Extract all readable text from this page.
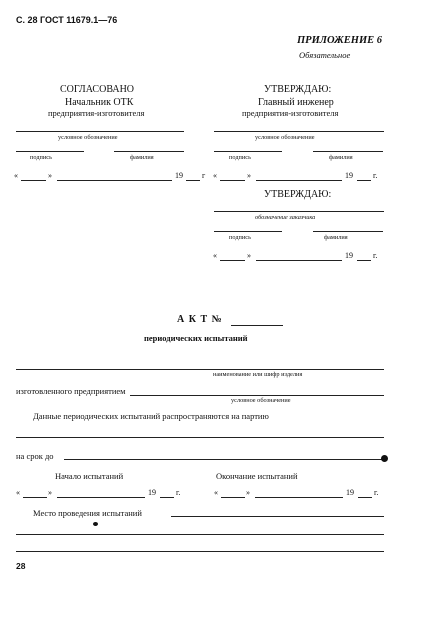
С. 28 ГОСТ 11679.1—76
ПРИЛОЖЕНИЕ 6
Обязательное
СОГЛАСОВАНО
Начальник ОТК
предприятия-изготовителя
условное обозначение
подпись	фамилия
«	»	19 г
УТВЕРЖДАЮ:
Главный инженер
предприятия-изготовителя
условное обозначение
подпись	фамилия
«	»	19	г.
УТВЕРЖДАЮ:
обозначение заказчика
подпись	фамилия
«	»	19	г.
А К Т №
периодических испытаний
наименование или шифр изделия
изготовленного предприятием
условное обозначение
Данные периодических испытаний распространяются на партию
на срок до
Начало испытаний	Окончание испытаний
«	»	19	г.	«	»	19	г.
Место проведения испытаний
28
